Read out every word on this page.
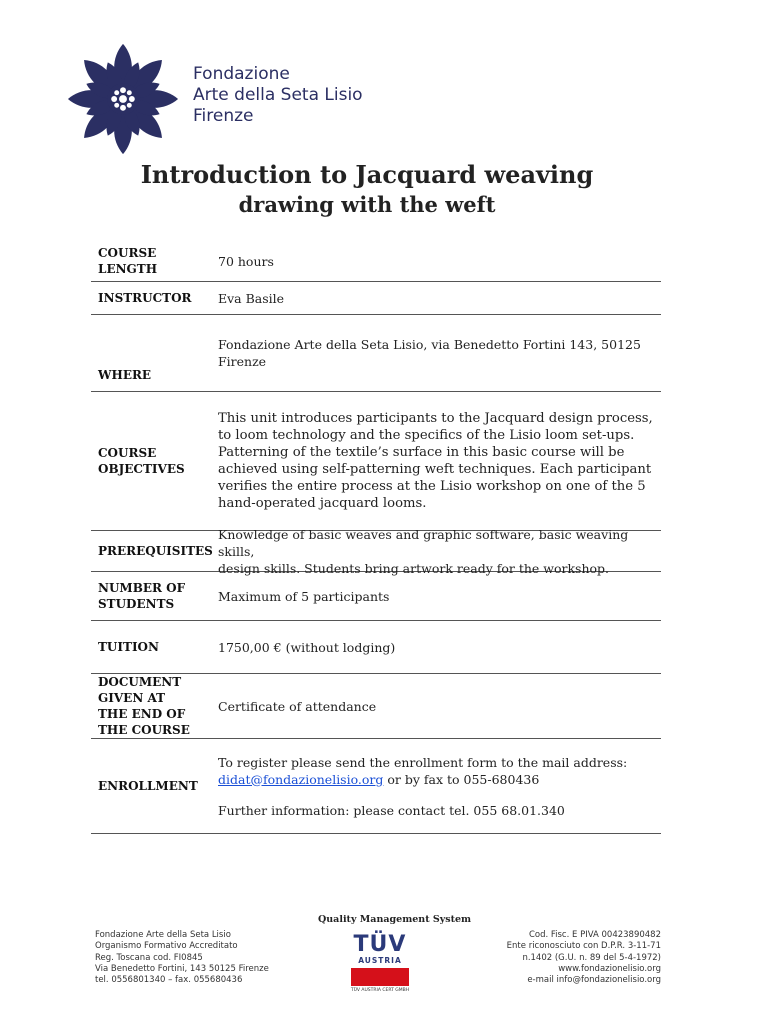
Fondazione
Arte della Seta Lisio
Firenze
Introduction to Jacquard weaving
drawing with the weft
COURSE
LENGTH
70 hours
INSTRUCTOR	Eva Basile
WHERE
Fondazione Arte della Seta Lisio, via Benedetto Fortini 143, 50125
Firenze
COURSE
OBJECTIVES
This unit introduces participants to the Jacquard design process,
to loom technology and the specifics of the Lisio loom set-ups.
Patterning of the textile’s surface in this basic course will be
achieved using self-patterning weft techniques. Each participant
verifies the entire process at the Lisio workshop on one of the 5
hand-operated jacquard looms.
PREREQUISITES
Knowledge of basic weaves and graphic software, basic weaving skills,
design skills. Students bring artwork ready for the workshop.
NUMBER OF
STUDENTS
Maximum of 5 participants
TUITION	1750,00 € (without lodging)
DOCUMENT
GIVEN AT
THE END OF
THE COURSE
Certificate of attendance
ENROLLMENT
To register please send the enrollment form to the mail address:
didat@fondazionelisio.org or by fax to 055-680436
Further information: please contact tel. 055 68.01.340
Fondazione Arte della Seta Lisio
Organismo Formativo Accreditato
Reg. Toscana cod. FI0845
Via Benedetto Fortini, 143 50125 Firenze
tel. 0556801340 – fax. 055680436
Quality Management System
TÜV
AUSTRIA
TÜV AUSTRIA CERT GMBH
Cod. Fisc. E PIVA 00423890482
Ente riconosciuto con D.P.R. 3-11-71
n.1402 (G.U. n. 89 del 5-4-1972)
www.fondazionelisio.org
e-mail info@fondazionelisio.org
